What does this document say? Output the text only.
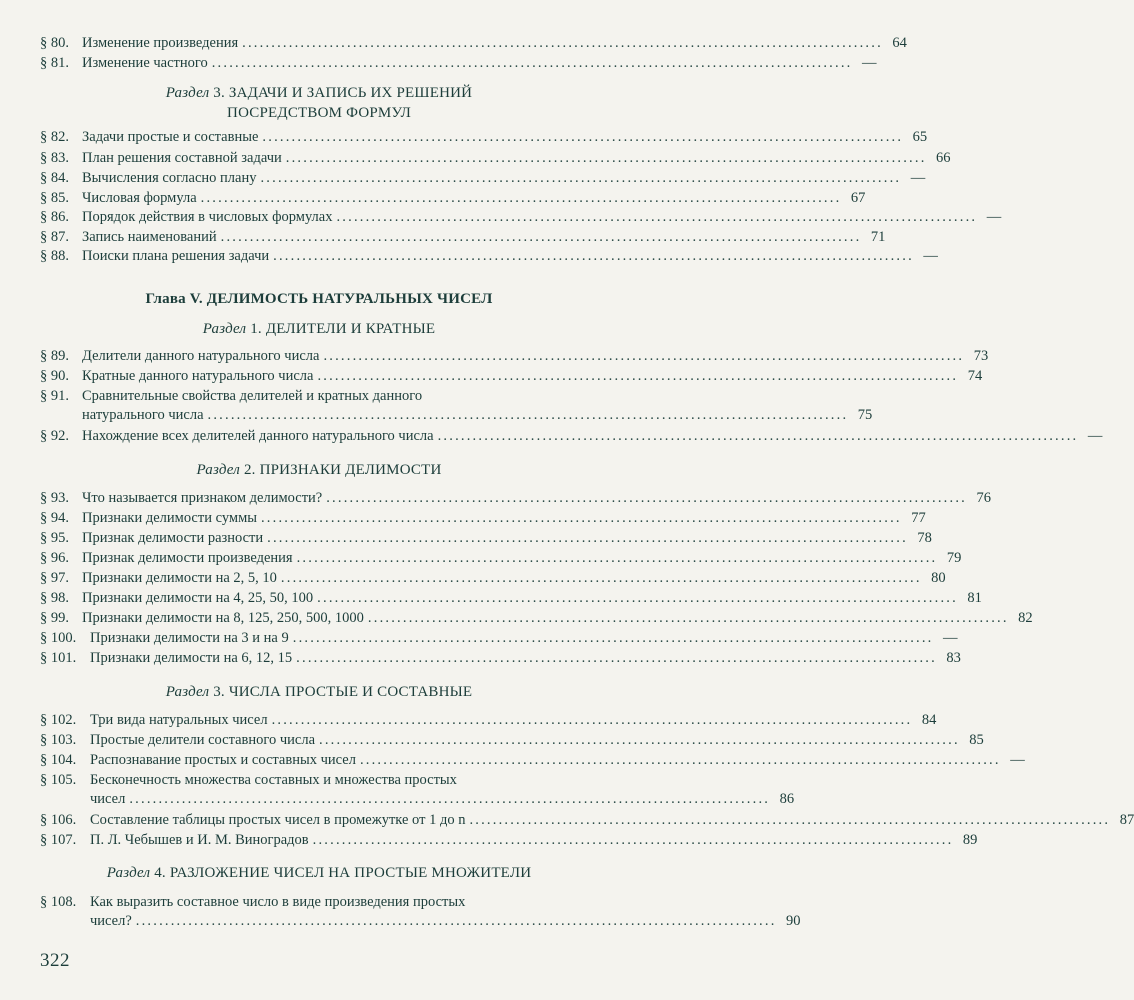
§ 80. Изменение произведения .............................................................................................................. 64
§ 81. Изменение частного .............................................................................................................. —
Раздел 3. ЗАДАЧИ И ЗАПИСЬ ИХ РЕШЕНИЙ
ПОСРЕДСТВОМ ФОРМУЛ
§ 82. Задачи простые и составные .............................................................................................................. 65
§ 83. План решения составной задачи .............................................................................................................. 66
§ 84. Вычисления согласно плану .............................................................................................................. —
§ 85. Числовая формула .............................................................................................................. 67
§ 86. Порядок действия в числовых формулах .............................................................................................................. —
§ 87. Запись наименований .............................................................................................................. 71
§ 88. Поиски плана решения задачи .............................................................................................................. —
Глава V. ДЕЛИМОСТЬ НАТУРАЛЬНЫХ ЧИСЕЛ
Раздел 1. ДЕЛИТЕЛИ И КРАТНЫЕ
§ 89. Делители данного натурального числа .............................................................................................................. 73
§ 90. Кратные данного натурального числа .............................................................................................................. 74
§ 91. Сравнительные свойства делителей и кратных данного
натурального числа .............................................................................................................. 75
§ 92. Нахождение всех делителей данного натурального числа .............................................................................................................. —
Раздел 2. ПРИЗНАКИ ДЕЛИМОСТИ
§ 93. Что называется признаком делимости? .............................................................................................................. 76
§ 94. Признаки делимости суммы .............................................................................................................. 77
§ 95. Признак делимости разности .............................................................................................................. 78
§ 96. Признак делимости произведения .............................................................................................................. 79
§ 97. Признаки делимости на 2, 5, 10 .............................................................................................................. 80
§ 98. Признаки делимости на 4, 25, 50, 100 .............................................................................................................. 81
§ 99. Признаки делимости на 8, 125, 250, 500, 1000 .............................................................................................................. 82
§ 100. Признаки делимости на 3 и на 9 .............................................................................................................. —
§ 101. Признаки делимости на 6, 12, 15 .............................................................................................................. 83
Раздел 3. ЧИСЛА ПРОСТЫЕ И СОСТАВНЫЕ
§ 102. Три вида натуральных чисел .............................................................................................................. 84
§ 103. Простые делители составного числа .............................................................................................................. 85
§ 104. Распознавание простых и составных чисел .............................................................................................................. —
§ 105. Бесконечность множества составных и множества простых
чисел .............................................................................................................. 86
§ 106. Составление таблицы простых чисел в промежутке от 1 до n .............................................................................................................. 87
§ 107. П. Л. Чебышев и И. М. Виноградов .............................................................................................................. 89
Раздел 4. РАЗЛОЖЕНИЕ ЧИСЕЛ НА ПРОСТЫЕ МНОЖИТЕЛИ
§ 108. Как выразить составное число в виде произведения простых
чисел? .............................................................................................................. 90
322
